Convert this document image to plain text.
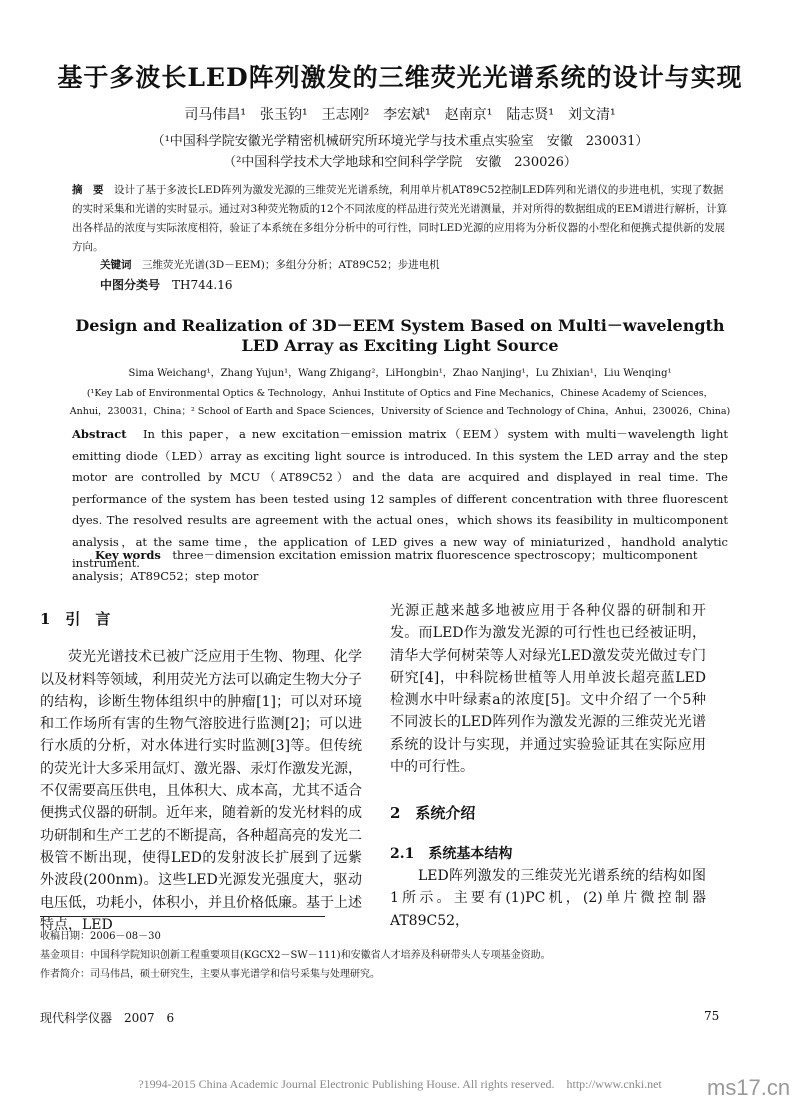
基于多波长LED阵列激发的三维荧光光谱系统的设计与实现
司马伟昌¹　张玉钧¹　王志刚²　李宏斌¹　赵南京¹　陆志贤¹　刘文清¹
（¹中国科学院安徽光学精密机械研究所环境光学与技术重点实验室　安徽　230031）
（²中国科学技术大学地球和空间科学学院　安徽　230026）
摘　要　 设计了基于多波长LED阵列为激发光源的三维荧光光谱系统，利用单片机AT89C52控制LED阵列和光谱仪的步进电机，实现了数据的实时采集和光谱的实时显示。通过对3种荧光物质的12个不同浓度的样品进行荧光光谱测量，并对所得的数据组成的EEM谱进行解析，计算出各样品的浓度与实际浓度相符，验证了本系统在多组分分析中的可行性，同时LED光源的应用将为分析仪器的小型化和便携式提供新的发展方向。
关键词　 三维荧光光谱(3D－EEM)；多组分分析；AT89C52；步进电机
中图分类号　 TH744.16
Design and Realization of 3D－EEM System Based on Multi－wavelength
LED Array as Exciting Light Source
Sima Weichang¹，Zhang Yujun¹，Wang Zhigang²，LiHongbin¹，Zhao Nanjing¹，Lu Zhixian¹，Liu Wenqing¹
(¹Key Lab of Environmental Optics & Technology，Anhui Institute of Optics and Fine Mechanics，Chinese Academy of Sciences，
Anhui，230031，China；² School of Earth and Space Sciences，University of Science and Technology of China，Anhui，230026，China)
Abstract　 In this paper，a new excitation－emission matrix（EEM）system with multi－wavelength light emitting diode（LED）array as exciting light source is introduced. In this system the LED array and the step motor are controlled by MCU（AT89C52）and the data are acquired and displayed in real time. The performance of the system has been tested using 12 samples of different concentration with three fluorescent dyes. The resolved results are agreement with the actual ones，which shows its feasibility in multicomponent analysis，at the same time，the application of LED gives a new way of miniaturized，handhold analytic instrument.
　　Key words　 three－dimension excitation emission matrix fluorescence spectroscopy；multicomponent analysis；AT89C52；step motor
1　引　言

荧光光谱技术已被广泛应用于生物、物理、化学以及材料等领域，利用荧光方法可以确定生物大分子的结构，诊断生物体组织中的肿瘤[1]；可以对环境和工作场所有害的生物气溶胶进行监测[2]；可以进行水质的分析，对水体进行实时监测[3]等。但传统的荧光计大多采用氙灯、激光器、汞灯作激发光源，不仅需要高压供电，且体积大、成本高，尤其不适合便携式仪器的研制。近年来，随着新的发光材料的成功研制和生产工艺的不断提高，各种超高亮的发光二极管不断出现，使得LED的发射波长扩展到了远紫外波段(200nm)。这些LED光源发光强度大，驱动电压低，功耗小，体积小，并且价格低廉。基于上述特点，LED

光源正越来越多地被应用于各种仪器的研制和开发。而LED作为激发光源的可行性也已经被证明，清华大学何树荣等人对绿光LED激发荧光做过专门研究[4]，中科院杨世植等人用单波长超亮蓝LED检测水中叶绿素a的浓度[5]。文中介绍了一个5种不同波长的LED阵列作为激发光源的三维荧光光谱系统的设计与实现，并通过实验验证其在实际应用中的可行性。

2　系统介绍
2.1　系统基本结构

LED阵列激发的三维荧光光谱系统的结构如图1所示。主要有(1)PC机，(2)单片微控制器AT89C52，

收稿日期：2006－08－30
基金项目：中国科学院知识创新工程重要项目(KGCX2－SW－111)和安徽省人才培养及科研带头人专项基金资助。
作者简介：司马伟昌，硕士研究生，主要从事光谱学和信号采集与处理研究。
现代科学仪器　2007　6	75
?1994-2015 China Academic Journal Electronic Publishing House. All rights reserved.　http://www.cnki.net	ms17.cn
